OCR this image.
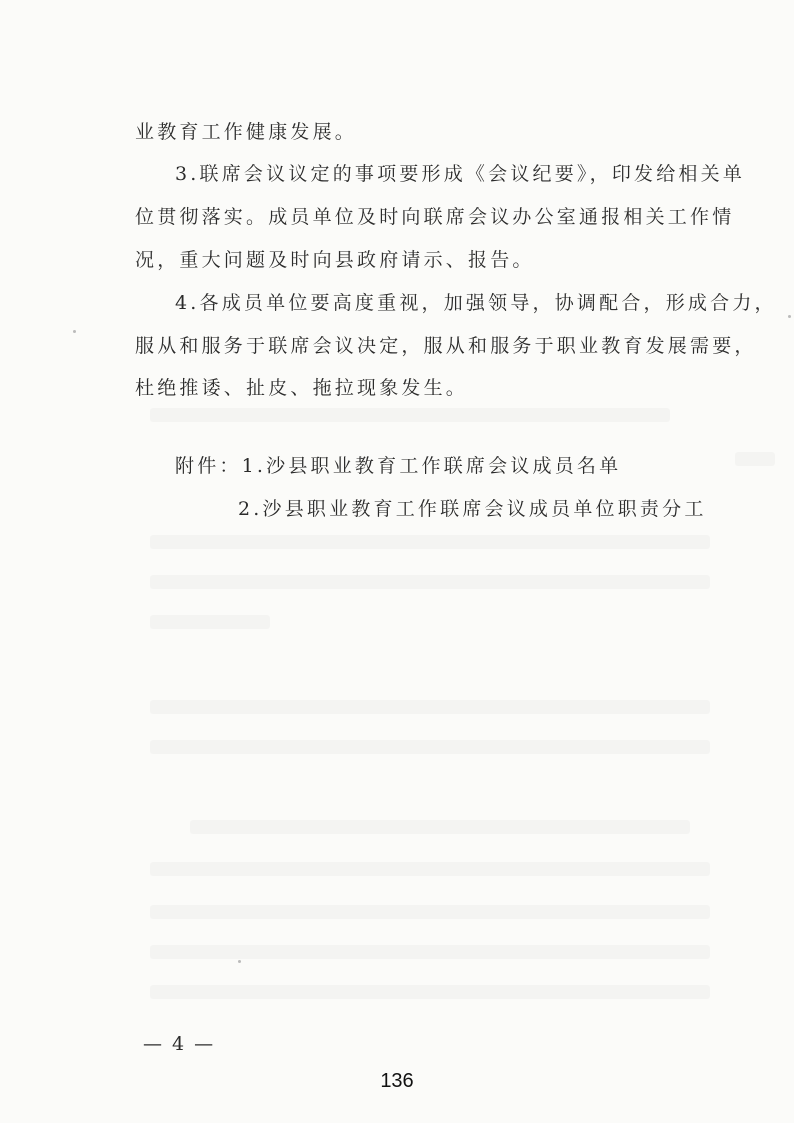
业教育工作健康发展。
3.联席会议议定的事项要形成《会议纪要》，印发给相关单
位贯彻落实。成员单位及时向联席会议办公室通报相关工作情
况，重大问题及时向县政府请示、报告。
4.各成员单位要高度重视，加强领导，协调配合，形成合力，
服从和服务于联席会议决定，服从和服务于职业教育发展需要，
杜绝推诿、扯皮、拖拉现象发生。
附件：1.沙县职业教育工作联席会议成员名单
2.沙县职业教育工作联席会议成员单位职责分工
— 4 —
136
